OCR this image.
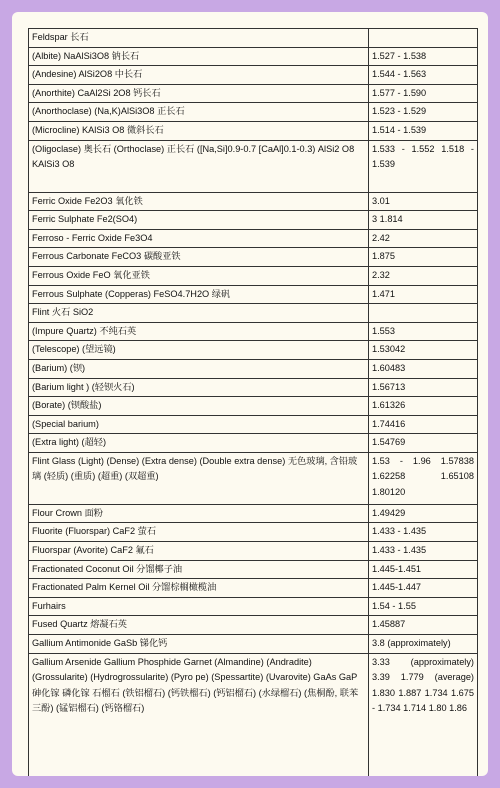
Feldspar 长石	
(Albite) NaAlSi3O8 钠长石	1.527 - 1.538
(Andesine) AlSi2O8 中长石	1.544 - 1.563
(Anorthite) CaAl2Si 2O8 钙长石	1.577 - 1.590
(Anorthoclase) (Na,K)AlSi3O8 正长石	1.523 - 1.529
(Microcline) KAlSi3 O8 微斜长石	1.514 - 1.539
(Oligoclase) 奥长石 (Orthoclase) 正长石 ([Na,Si]0.9-0.7 [CaAl]0.1-0.3) AlSi2 O8 KAlSi3 O8	1.533 - 1.552 1.518 - 1.539
Ferric Oxide Fe2O3 氧化铁	3.01
Ferric Sulphate Fe2(SO4)	3 1.814
Ferroso - Ferric Oxide Fe3O4	2.42
Ferrous Carbonate FeCO3 碳酸亚铁	1.875
Ferrous Oxide FeO 氧化亚铁	2.32
Ferrous Sulphate (Copperas) FeSO4.7H2O 绿矾	1.471
Flint 火石 SiO2	
(Impure Quartz) 不纯石英	1.553
(Telescope) (望远镜)	1.53042
(Barium) (钡)	1.60483
(Barium light ) (轻钡火石)	1.56713
(Borate) (钡酸盐)	1.61326
(Special barium)	1.74416
(Extra light) (超轻)	1.54769
Flint Glass (Light) (Dense) (Extra dense) (Double extra dense) 无色玻璃, 含铅玻璃 (轻质) (重质) (超重) (双超重)	1.53 - 1.96 1.57838 1.62258 1.65108 1.80120
Flour Crown 面粉	1.49429
Fluorite (Fluorspar) CaF2 萤石	1.433 - 1.435
Fluorspar (Avorite) CaF2 氟石	1.433 - 1.435
Fractionated Coconut Oil 分馏椰子油	1.445-1.451
Fractionated Palm Kernel Oil 分馏棕榈橄榄油	1.445-1.447
Furhairs	1.54 - 1.55
Fused Quartz 熔凝石英	1.45887
Gallium Antimonide GaSb 锑化钙	3.8 (approximately)
Gallium Arsenide Gallium Phosphide Garnet (Almandine) (Andradite) (Grossularite) (Hydrogrossularite) (Pyro pe) (Spessartite) (Uvarovite) GaAs GaP 砷化镓 磷化镓 石榴石 (铁铝榴石) (钙铁榴石) (钙铝榴石) (水绿榴石) (焦桐酚, 联苯三酚) (锰铝榴石) (钙铬榴石)	3.33 (approximately) 3.39 1.779 (average) 1.830 1.887 1.734 1.675 - 1.734 1.714 1.80 1.86
